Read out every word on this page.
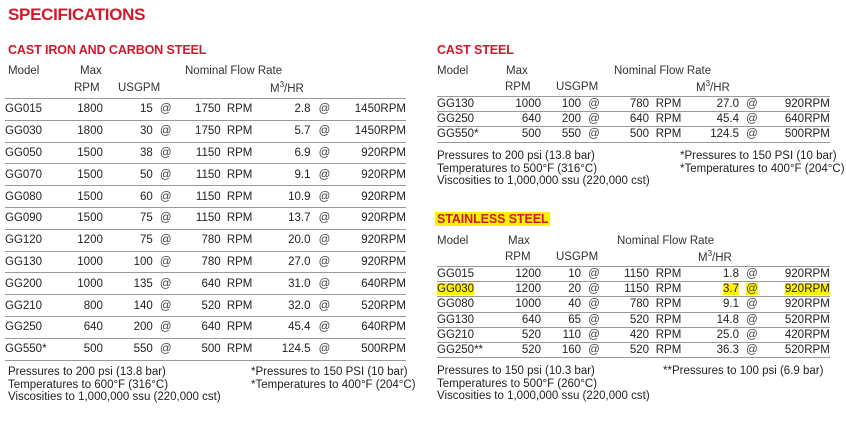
SPECIFICATIONS
CAST IRON AND CARBON STEEL
Model	Max
RPM USGPM
Nominal Flow Rate
$M^3/HR$
GG015	1800	15	@	1750	RPM	2.8	@	1450	RPM
GG030	1800	30	@	1750	RPM	5.7	@	1450	RPM
GG050	1500	38	@	1150	RPM	6.9	@	920	RPM
GG070	1500	50	@	1150	RPM	9.1	@	920	RPM
GG080	1500	60	@	1150	RPM	10.9	@	920	RPM
GG090	1500	75	@	1150	RPM	13.7	@	920	RPM
GG120	1200	75	@	780	RPM	20.0	@	920	RPM
GG130	1000	100	@	780	RPM	27.0	@	920	RPM
GG200	1000	135	@	640	RPM	31.0	@	640	RPM
GG210	800	140	@	520	RPM	32.0	@	520	RPM
GG250	640	200	@	640	RPM	45.4	@	640	RPM
GG550*	500	550	@	500	RPM	124.5	@	500	RPM
Pressures to 200 psi (13.8 bar)
Temperatures to 600°F (316°C)
Viscosities to 1,000,000 ssu (220,000 cst)
*Pressures to 150 PSI (10 bar)
*Temperatures to 400°F (204°C)
CAST STEEL
Model	Max
RPM USGPM
Nominal Flow Rate
$M^3/HR$
GG130	1000	100	@	780	RPM	27.0	@	920	RPM
GG250	640	200	@	640	RPM	45.4	@	640	RPM
GG550*	500	550	@	500	RPM	124.5	@	500	RPM
Pressures to 200 psi (13.8 bar)
Temperatures to 500°F (316°C)
Viscosities to 1,000,000 ssu (220,000 cst)
*Pressures to 150 PSI (10 bar)
*Temperatures to 400°F (204°C)
STAINLESS STEEL
Model	Max
RPM USGPM
Nominal Flow Rate
$M^3/HR$
GG015	1200	10	@	1150	RPM	1.8	@	920	RPM
GG030	1200	20	@	1150	RPM	3.7	@	920	RPM
GG080	1000	40	@	780	RPM	9.1	@	920	RPM
GG130	640	65	@	520	RPM	14.8	@	520	RPM
GG210	520	110	@	420	RPM	25.0	@	420	RPM
GG250**	520	160	@	520	RPM	36.3	@	520	RPM
Pressures to 150 psi (10.3 bar)
Temperatures to 500°F (260°C)
Viscosities to 1,000,000 ssu (220,000 cst)
**Pressures to 100 psi (6.9 bar)
